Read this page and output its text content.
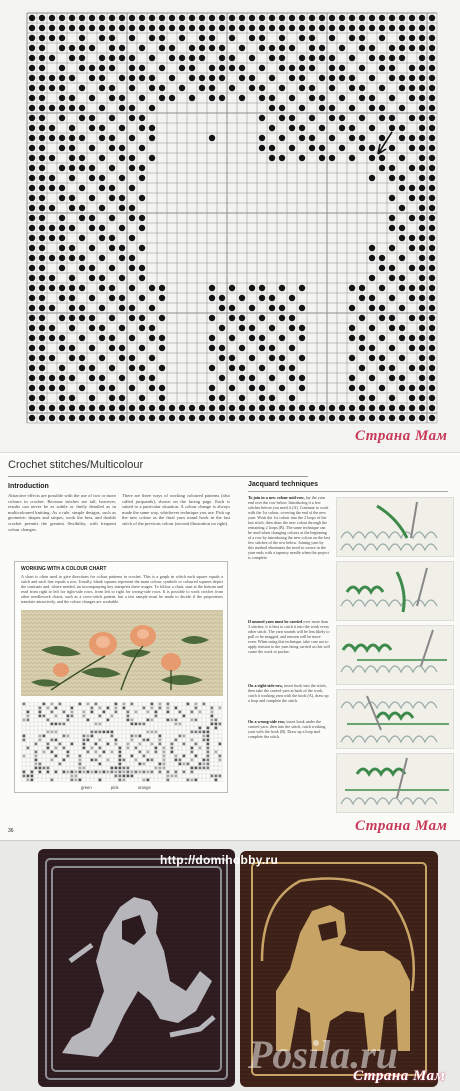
Страна Мам
Crochet stitches/Multicolour
Introduction
Attractive effects are possible with the use of two or more colours in crochet. Because stitches are tall, however, results can never be as subtle or finely detailed as in multicoloured knitting. As a rule, simple designs, such as geometric shapes and stripes, work the best, and double crochet permits the greatest flexibility, with frequent colour changes.
There are three ways of working coloured patterns (also called jacquards), shown on the facing page. Each is suited to a particular situation. A colour change is always made the same way, whichever technique you use. Pick up the new colour as the final yarn round hook in the last stitch of the previous colour (second illustration on right).
WORKING WITH A COLOUR CHART
A chart is often used to give directions for colour patterns in crochet. This is a graph in which each square equals a stitch and each line equals a row. Usually, blank squares represent the main colour, symbols or coloured squares depict the contrasts and, where needed, an accompanying key interprets these usages. To follow a chart, start at the bottom and read from right to left for right-side rows, from left to right for wrong-side rows. It is possible to work crochet from other needlework charts, such as a cross-stitch pattern, but a test sample must be made to decide if the proportions translate attractively, and the colour changes are workable.
green	pink	orange
Jacquard techniques
To join in a new colour mid-row, lay the yarn end over the row below. Introducing it a few stitches before you need it (A). Continue to work with the 1st colour, covering the end of the new yarn. Work the 1st colour into the 2 loops of the last stitch, then draw the new colour through the remaining 2 loops (B). The same technique can be used when changing colours at the beginning of a row by introducing the new colour on the last few stitches of the row below. Joining yarn by this method eliminates the need to weave in the yarn ends with a tapestry needle when the project is complete.
If unused yarn must be carried over more than 3 stitches, it is best to catch it into the work every other stitch. The yarn strands will be less likely to pull or be snagged, and tension will be more even. When using this technique, take care not to apply tension to the yarn being carried as this will cause the work to pucker.
On a right-side row, insert hook into the stitch, then take the carried yarn at back of the work, catch it working yarn with the hook (A), draw up a loop and complete the stitch.
On a wrong-side row, insert hook under the carried yarn, then into the stitch, catch working yarn with the hook (B). Draw up a loop and complete the stitch.
36	Страна Мам
http://domihobby.ru
Posila.ru
Страна Мам
